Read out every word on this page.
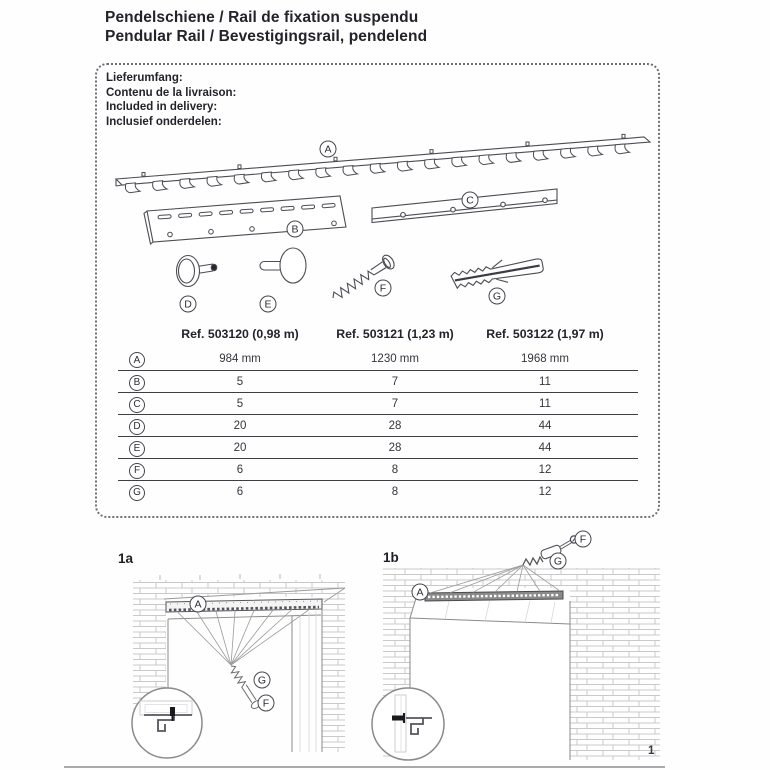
Pendelschiene / Rail de fixation suspendu
Pendular Rail / Bevestigingsrail, pendelend
Lieferumfang:
Contenu de la livraison:
Included in delivery:
Inclusief onderdelen:
A
B
C
D	E
F
G
Ref. 503120 (0,98 m)	Ref. 503121 (1,23 m)	Ref. 503122 (1,97 m)
A	984 mm	1230 mm	1968 mm
B	5	7	11
C	5	7	11
D	20	28	44
E	20	28	44
F	6	8	12
G	6	8	12
1a	1b
A
G
F
A
G
F
1
